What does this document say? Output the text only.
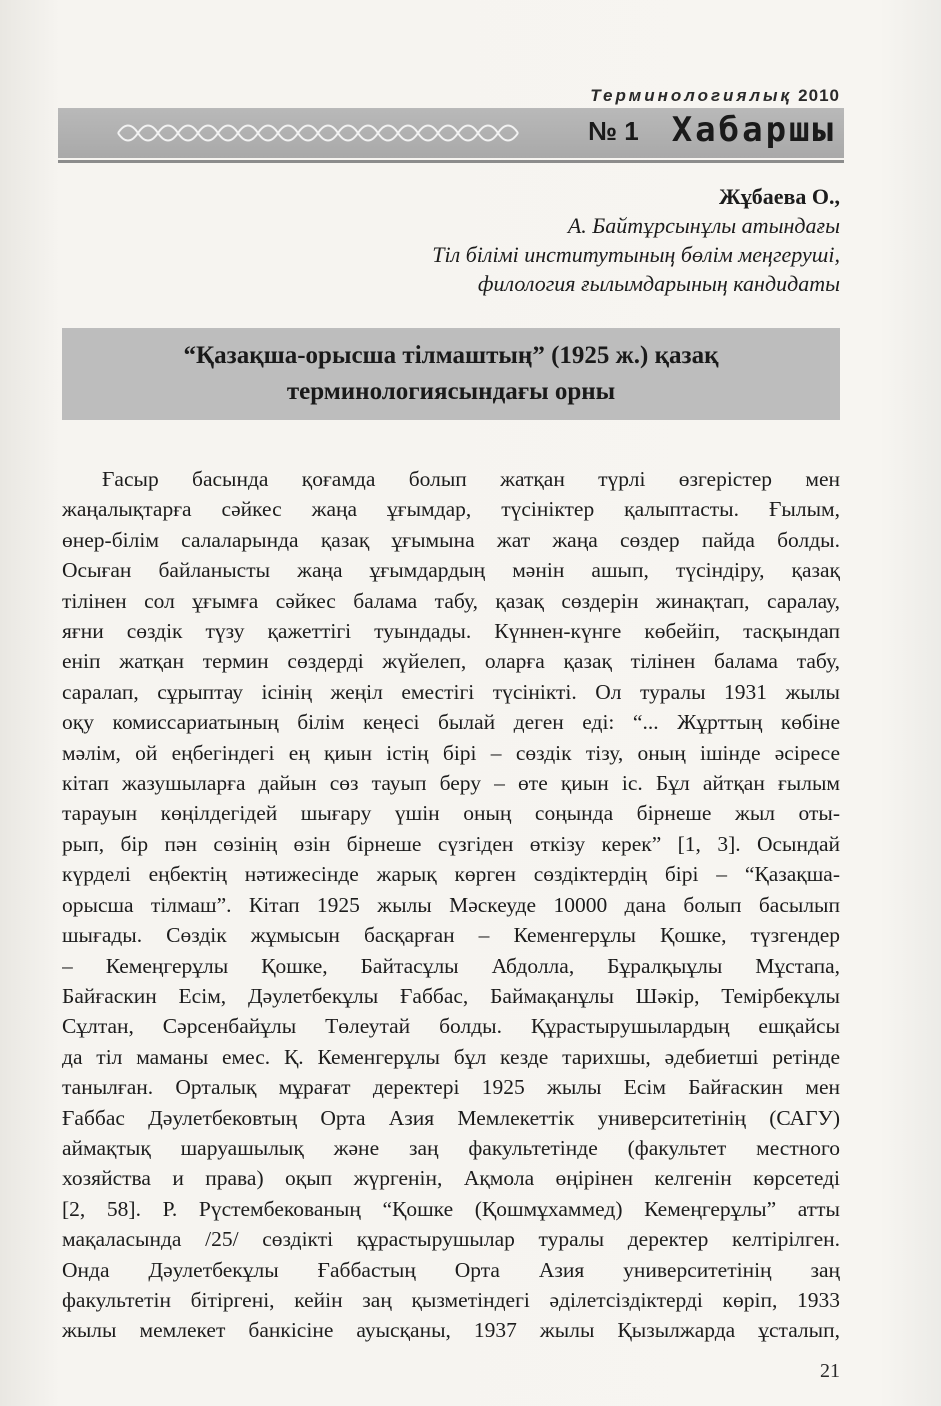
Терминологиялық 2010
№ 1 Хабаршы
Жұбаева О.,
А. Байтұрсынұлы атындағы
Тіл білімі институтының бөлім меңгеруші,
филология ғылымдарының кандидаты
“Қазақша-орысша тілмаштың” (1925 ж.) қазақ
терминологиясындағы орны
Ғасыр басында қоғамда болып жатқан түрлі өзгерістер мен
жаңалықтарға сәйкес жаңа ұғымдар, түсініктер қалыптасты. Ғылым,
өнер-білім салаларында қазақ ұғымына жат жаңа сөздер пайда болды.
Осыған байланысты жаңа ұғымдардың мәнін ашып, түсіндіру, қазақ
тілінен сол ұғымға сәйкес балама табу, қазақ сөздерін жинақтап, саралау,
яғни сөздік түзу қажеттігі туындады. Күннен-күнге көбейіп, тасқындап
еніп жатқан термин сөздерді жүйелеп, оларға қазақ тілінен балама табу,
саралап, сұрыптау ісінің жеңіл еместігі түсінікті. Ол туралы 1931 жылы
оқу комиссариатының білім кеңесі былай деген еді: “... Жұрттың көбіне
мәлім, ой еңбегіндегі ең қиын істің бірі – сөздік тізу, оның ішінде әсіресе
кітап жазушыларға дайын сөз тауып беру – өте қиын іс. Бұл айтқан ғылым
тарауын көңілдегідей шығару үшін оның соңында бірнеше жыл оты-
рып, бір пән сөзінің өзін бірнеше сүзгіден өткізу керек” [1, 3]. Осындай
күрделі еңбектің нәтижесінде жарық көрген сөздіктердің бірі – “Қазақша-
орысша тілмаш”. Кітап 1925 жылы Мәскеуде 10000 дана болып басылып
шығады. Сөздік жұмысын басқарған – Кеменгерұлы Қошке, түзгендер
– Кемеңгерұлы Қошке, Байтасұлы Абдолла, Бұралқыұлы Мұстапа,
Байғаскин Есім, Дәулетбекұлы Ғаббас, Баймақанұлы Шәкір, Темірбекұлы
Сұлтан, Сәрсенбайұлы Төлеутай болды. Құрастырушылардың ешқайсы
да тіл маманы емес. Қ. Кеменгерұлы бұл кезде тарихшы, әдебиетші ретінде
танылған. Орталық мұрағат деректері 1925 жылы Есім Байғаскин мен
Ғаббас Дәулетбековтың Орта Азия Мемлекеттік университетінің (САГУ)
аймақтық шаруашылық және заң факультетінде (факультет местного
хозяйства и права) оқып жүргенін, Ақмола өңірінен келгенін көрсетеді
[2, 58]. Р. Рүстембекованың “Қошке (Қошмұхаммед) Кемеңгерұлы” атты
мақаласында /25/ сөздікті құрастырушылар туралы деректер келтірілген.
Онда Дәулетбекұлы Ғаббастың Орта Азия университетінің заң
факультетін бітіргені, кейін заң қызметіндегі әділетсіздіктерді көріп, 1933
жылы мемлекет банкісіне ауысқаны, 1937 жылы Қызылжарда ұсталып,
21
